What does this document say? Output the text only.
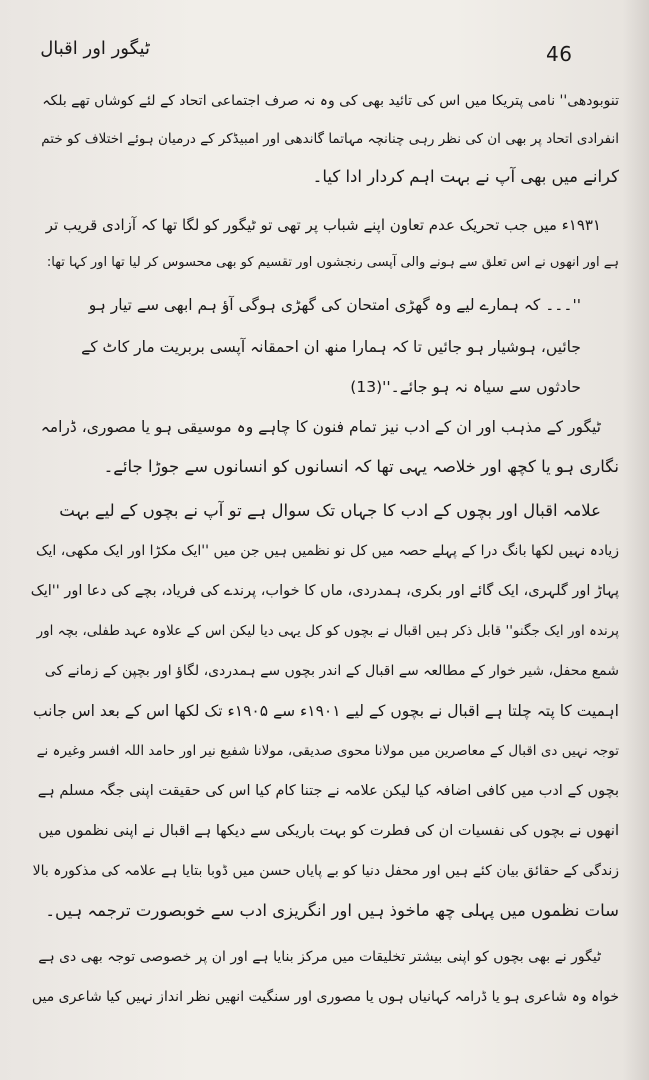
46
ٹیگور اور اقبال
تنوبودھی'' نامی پتریکا میں اس کی تائید بھی کی وہ نہ صرف اجتماعی اتحاد کے لئے کوشاں تھے بلکہ
انفرادی اتحاد پر بھی ان کی نظر رہی چنانچہ مہاتما گاندھی اور امبیڈکر کے درمیان ہوئے اختلاف کو ختم
کرانے میں بھی آپ نے بہت اہم کردار ادا کیا۔
۱۹۳۱ء میں جب تحریک عدم تعاون اپنے شباب پر تھی تو ٹیگور کو لگا تھا کہ آزادی قریب تر
ہے اور انھوں نے اس تعلق سے ہونے والی آپسی رنجشوں اور تقسیم کو بھی محسوس کر لیا تھا اور کہا تھا:
''۔۔۔ کہ ہمارے لیے وہ گھڑی امتحان کی گھڑی ہوگی آؤ ہم ابھی سے تیار ہو
جائیں، ہوشیار ہو جائیں تا کہ ہمارا منھ ان احمقانہ آپسی بربریت مار کاٹ کے
حادثوں سے سیاہ نہ ہو جائے۔''(13)
ٹیگور کے مذہب اور ان کے ادب نیز تمام فنون کا چاہے وہ موسیقی ہو یا مصوری، ڈرامہ
نگاری ہو یا کچھ اور خلاصہ یہی تھا کہ انسانوں کو انسانوں سے جوڑا جائے۔
علامہ اقبال اور بچوں کے ادب کا جہاں تک سوال ہے تو آپ نے بچوں کے لیے بہت
زیادہ نہیں لکھا بانگ درا کے پہلے حصہ میں کل نو نظمیں ہیں جن میں ''ایک مکڑا اور ایک مکھی، ایک
پہاڑ اور گلہری، ایک گائے اور بکری، ہمدردی، ماں کا خواب، پرندے کی فریاد، بچے کی دعا اور ''ایک
پرندہ اور ایک جگنو'' قابل ذکر ہیں اقبال نے بچوں کو کل یہی دیا لیکن اس کے علاوہ عہد طفلی، بچہ اور
شمع محفل، شیر خوار کے مطالعہ سے اقبال کے اندر بچوں سے ہمدردی، لگاؤ اور بچپن کے زمانے کی
اہمیت کا پتہ چلتا ہے اقبال نے بچوں کے لیے ۱۹۰۱ء سے ۱۹۰۵ء تک لکھا اس کے بعد اس جانب
توجہ نہیں دی اقبال کے معاصرین میں مولانا محوی صدیقی، مولانا شفیع نیر اور حامد اللہ افسر وغیرہ نے
بچوں کے ادب میں کافی اضافہ کیا لیکن علامہ نے جتنا کام کیا اس کی حقیقت اپنی جگہ مسلم ہے
انھوں نے بچوں کی نفسیات ان کی فطرت کو بہت باریکی سے دیکھا ہے اقبال نے اپنی نظموں میں
زندگی کے حقائق بیان کئے ہیں اور محفل دنیا کو بے پایاں حسن میں ڈوبا بتایا ہے علامہ کی مذکورہ بالا
سات نظموں میں پہلی چھ ماخوذ ہیں اور انگریزی ادب سے خوبصورت ترجمہ ہیں۔
ٹیگور نے بھی بچوں کو اپنی بیشتر تخلیقات میں مرکز بنایا ہے اور ان پر خصوصی توجہ بھی دی ہے
خواہ وہ شاعری ہو یا ڈرامہ کہانیاں ہوں یا مصوری اور سنگیت انھیں نظر انداز نہیں کیا شاعری میں
